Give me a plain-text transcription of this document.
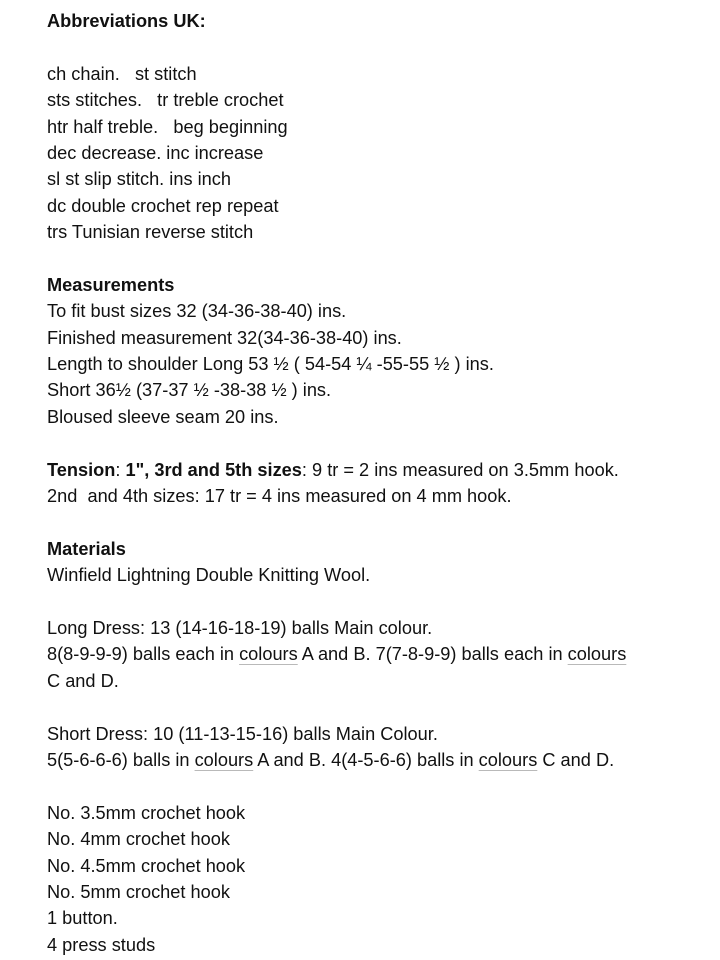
Abbreviations UK:
ch chain.   st stitch
sts stitches.   tr treble crochet
htr half treble.   beg beginning
dec decrease. inc increase
sl st slip stitch. ins inch
dc double crochet rep repeat
trs Tunisian reverse stitch
Measurements
To fit bust sizes 32 (34-36-38-40) ins.
Finished measurement 32(34-36-38-40) ins.
Length to shoulder Long 53 ½ ( 54-54 ¼ -55-55 ½ ) ins.
Short 36½ (37-37 ½ -38-38 ½ ) ins.
Bloused sleeve seam 20 ins.
Tension: 1", 3rd and 5th sizes: 9 tr = 2 ins measured on 3.5mm hook.
2nd  and 4th sizes: 17 tr = 4 ins measured on 4 mm hook.
Materials
Winfield Lightning Double Knitting Wool.
Long Dress: 13 (14-16-18-19) balls Main colour.
8(8-9-9-9) balls each in colours A and B. 7(7-8-9-9) balls each in colours
C and D.
Short Dress: 10 (11-13-15-16) balls Main Colour.
5(5-6-6-6) balls in colours A and B. 4(4-5-6-6) balls in colours C and D.
No. 3.5mm crochet hook
No. 4mm crochet hook
No. 4.5mm crochet hook
No. 5mm crochet hook
1 button.
4 press studs
